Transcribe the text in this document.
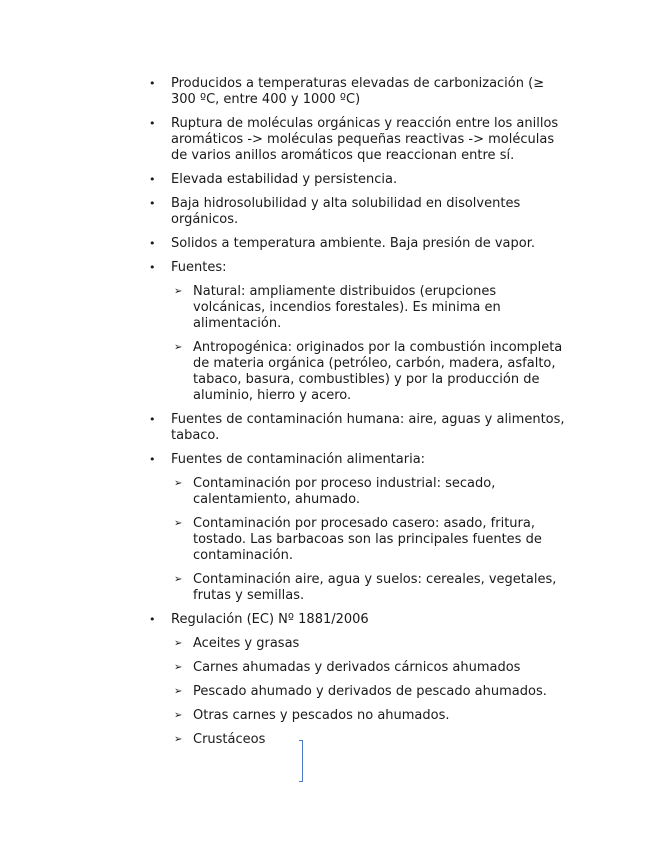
• Producidos a temperaturas elevadas de carbonización (≥ 300 ºC, entre 400 y 1000 ºC)
• Ruptura de moléculas orgánicas y reacción entre los anillos aromáticos -> moléculas pequeñas reactivas -> moléculas de varios anillos aromáticos que reaccionan entre sí.
• Elevada estabilidad y persistencia.
• Baja hidrosolubilidad y alta solubilidad en disolventes orgánicos.
• Solidos a temperatura ambiente. Baja presión de vapor.
• Fuentes:
➢ Natural: ampliamente distribuidos (erupciones volcánicas, incendios forestales). Es minima en alimentación.
➢ Antropogénica: originados por la combustión incompleta de materia orgánica (petróleo, carbón, madera, asfalto, tabaco, basura, combustibles) y por la producción de aluminio, hierro y acero.
• Fuentes de contaminación humana: aire, aguas y alimentos, tabaco.
• Fuentes de contaminación alimentaria:
➢ Contaminación por proceso industrial: secado, calentamiento, ahumado.
➢ Contaminación por procesado casero: asado, fritura, tostado. Las barbacoas son las principales fuentes de contaminación.
➢ Contaminación aire, agua y suelos: cereales, vegetales, frutas y semillas.
• Regulación (EC) Nº 1881/2006
➢ Aceites y grasas
➢ Carnes ahumadas y derivados cárnicos ahumados
➢ Pescado ahumado y derivados de pescado ahumados.
➢ Otras carnes y pescados no ahumados.
➢ Crustáceos
